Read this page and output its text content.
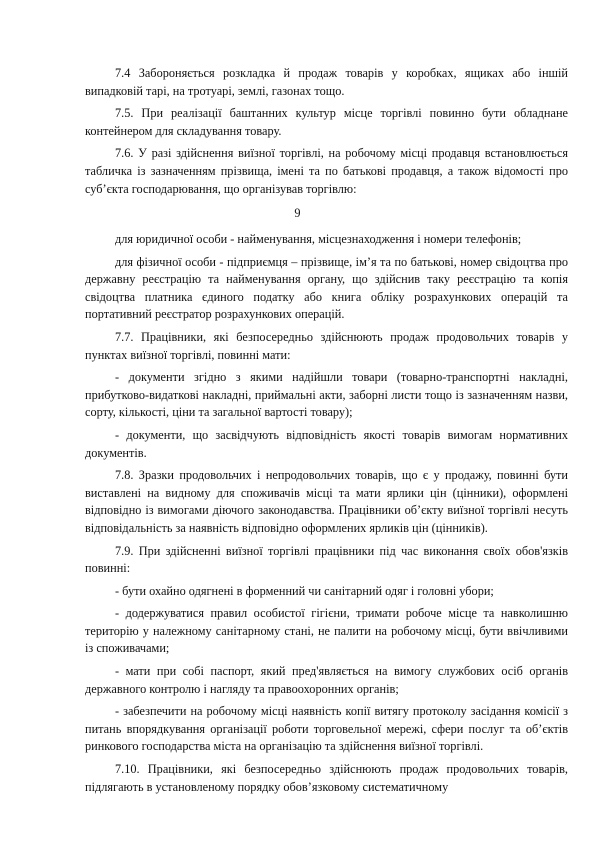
7.4 Забороняється розкладка й продаж товарів у коробках, ящиках або іншій випадковій тарі, на тротуарі, землі, газонах тощо.

7.5. При реалізації баштанних культур місце торгівлі повинно бути обладнане контейнером для складування товару.

7.6. У разі здійснення виїзної торгівлі, на робочому місці продавця встановлюється табличка із зазначенням прізвища, імені та по батькові продавця, а також відомості про суб’єкта господарювання, що організував торгівлю:

9

для юридичної особи - найменування, місцезнаходження і номери телефонів;

для фізичної особи - підприємця – прізвище, ім’я та по батькові, номер свідоцтва про державну реєстрацію та найменування органу, що здійснив таку реєстрацію та копія свідоцтва платника єдиного податку або книга обліку розрахункових операцій та портативний реєстратор розрахункових операцій.

7.7. Працівники, які безпосередньо здійснюють продаж продовольчих товарів у пунктах виїзної торгівлі, повинні мати:

- документи згідно з якими надійшли товари (товарно-транспортні накладні, прибутково-видаткові накладні, приймальні акти, заборні листи тощо із зазначенням назви, сорту, кількості, ціни та загальної вартості товару);

- документи, що засвідчують відповідність якості товарів вимогам нормативних документів.

7.8. Зразки продовольчих і непродовольчих товарів, що є у продажу, повинні бути виставлені на видному для споживачів місці та мати ярлики цін (цінники), оформлені відповідно із вимогами діючого законодавства. Працівники об’єкту виїзної торгівлі несуть відповідальність за наявність відповідно оформлених ярликів цін (цінників).

7.9. При здійсненні виїзної торгівлі працівники під час виконання своїх обов'язків повинні:

- бути охайно одягнені в форменний чи санітарний одяг і головні убори;

- додержуватися правил особистої гігієни, тримати робоче місце та навколишню територію у належному санітарному стані, не палити на робочому місці, бути ввічливими із споживачами;

- мати при собі паспорт, який пред'являється на вимогу службових осіб органів державного контролю і нагляду та правоохоронних органів;

- забезпечити на робочому місці наявність копії витягу протоколу засідання комісії з питань впорядкування організації роботи торговельної мережі, сфери послуг та об’єктів ринкового господарства міста на організацію та здійснення виїзної торгівлі.

7.10. Працівники, які безпосередньо здійснюють продаж продовольчих товарів, підлягають в установленому порядку обов’язковому систематичному
